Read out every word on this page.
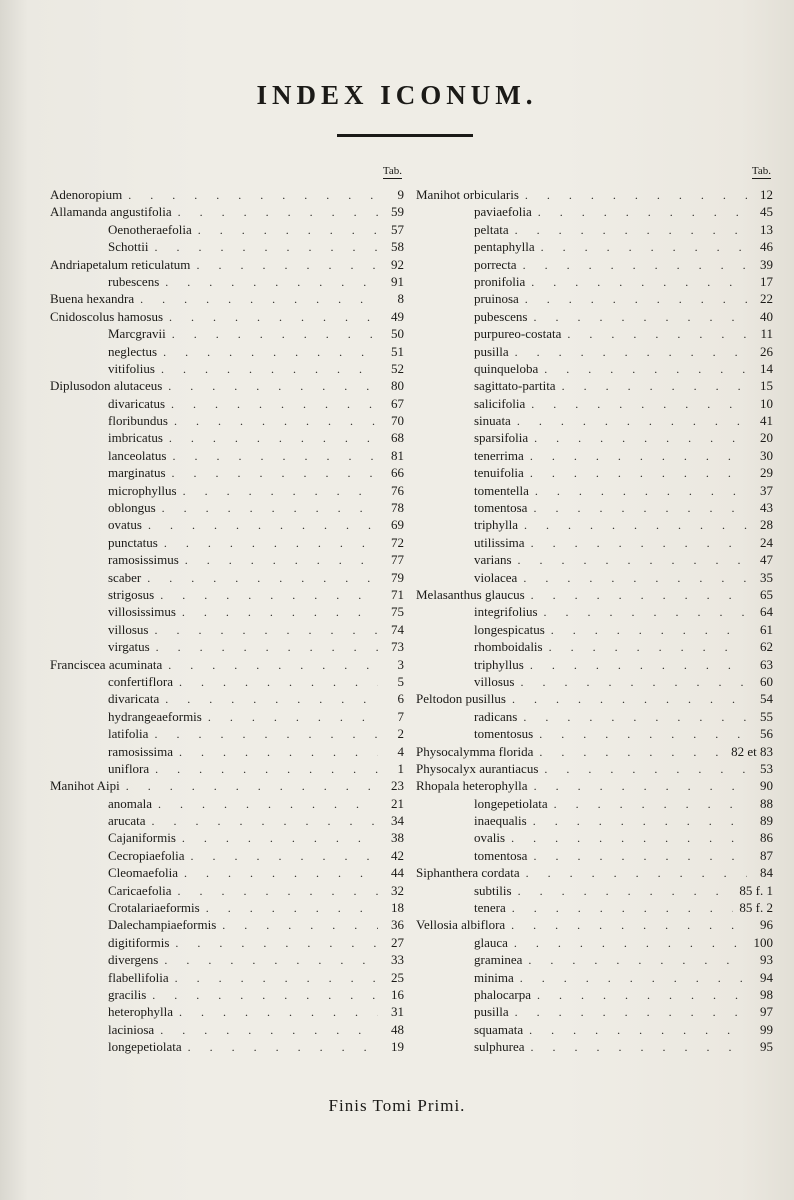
INDEX ICONUM.
Tab.
Adenoropium . . .	9
Allamanda angustifolia . . .	59
Oenotheraefolia . . .	57
Schottii . . .	58
Andriapetalum reticulatum . . .	92
rubescens . . .	91
Buena hexandra . . .	8
Cnidoscolus hamosus . . .	49
Marcgravii . . .	50
neglectus . . .	51
vitifolius . . .	52
Diplusodon alutaceus . . .	80
divaricatus . . .	67
floribundus . . .	70
imbricatus . . .	68
lanceolatus . . .	81
marginatus . . .	66
microphyllus . . .	76
oblongus . . .	78
ovatus . . .	69
punctatus . . .	72
ramosissimus . . .	77
scaber . . .	79
strigosus . . .	71
villosissimus . . .	75
villosus . . .	74
virgatus . . .	73
Franciscea acuminata . . .	3
confertiflora . . .	5
divaricata . . .	6
hydrangeaeformis . . .	7
latifolia . . .	2
ramosissima . . .	4
uniflora . . .	1
Manihot Aipi . . .	23
anomala . . .	21
arucata . . .	34
Cajaniformis . . .	38
Cecropiaefolia . . .	42
Cleomaefolia . . .	44
Caricaefolia . . .	32
Crotalariaeformis . . .	18
Dalechampiaeformis . . .	36
digitiformis . . .	27
divergens . . .	33
flabellifolia . . .	25
gracilis . . .	16
heterophylla . . .	31
laciniosa . . .	48
longepetiolata . . .	19
Tab.
Manihot orbicularis . . .	12
paviaefolia . . .	45
peltata . . .	13
pentaphylla . . .	46
porrecta . . .	39
pronifolia . . .	17
pruinosa . . .	22
pubescens . . .	40
purpureo-costata . . .	11
pusilla . . .	26
quinqueloba . . .	14
sagittato-partita . . .	15
salicifolia . . .	10
sinuata . . .	41
sparsifolia . . .	20
tenerrima . . .	30
tenuifolia . . .	29
tomentella . . .	37
tomentosa . . .	43
triphylla . . .	28
utilissima . . .	24
varians . . .	47
violacea . . .	35
Melasanthus glaucus . . .	65
integrifolius . . .	64
longespicatus . . .	61
rhomboidalis . . .	62
triphyllus . . .	63
villosus . . .	60
Peltodon pusillus . . .	54
radicans . . .	55
tomentosus . . .	56
Physocalymma florida . . .	82 et 83
Physocalyx aurantiacus . . .	53
Rhopala heterophylla . . .	90
longepetiolata . . .	88
inaequalis . . .	89
ovalis . . .	86
tomentosa . . .	87
Siphanthera cordata . . .	84
subtilis . . .	85 f. 1
tenera . . .	85 f. 2
Vellosia albiflora . . .	96
glauca . . .	100
graminea . . .	93
minima . . .	94
phalocarpa . . .	98
pusilla . . .	97
squamata . . .	99
sulphurea . . .	95
Finis Tomi Primi.
